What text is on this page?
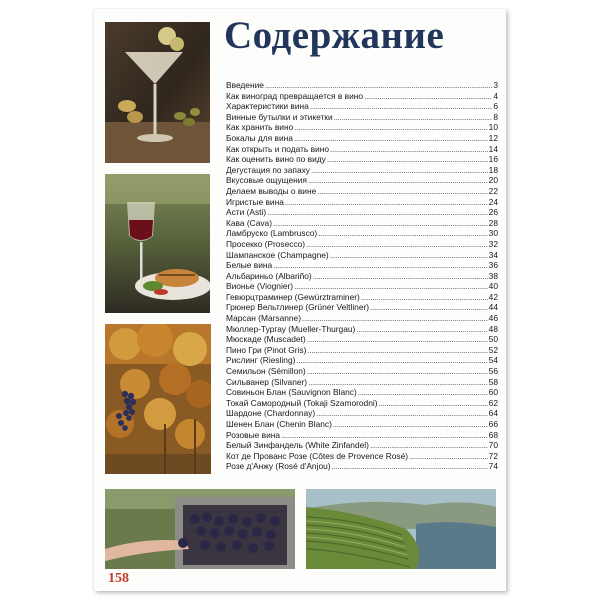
Содержание
Введение .....	3
Как виноград превращается в вино .....	4
Характеристики вина .....	6
Винные бутылки и этикетки .....	8
Как хранить вино .....	10
Бокалы для вина .....	12
Как открыть и подать вино .....	14
Как оценить вино по виду .....	16
Дегустация по запаху .....	18
Вкусовые ощущения .....	20
Делаем выводы о вине .....	22
Игристые вина .....	24
Асти (Asti) .....	26
Кава (Cava) .....	28
Ламбруско (Lambrusco) .....	30
Просекко (Prosecco) .....	32
Шампанское (Champagne) .....	34
Белые вина .....	36
Альбариньо (Albariño) .....	38
Вионье (Viognier) .....	40
Гевюрцтраминер (Gewürztraminer) .....	42
Грюнер Вельтлинер (Grüner Veltliner) .....	44
Марсан (Marsanne) .....	46
Мюллер-Тургау (Mueller-Thurgau) .....	48
Мюскаде (Muscadet) .....	50
Пино Гри (Pinot Gris) .....	52
Рислинг (Riesling) .....	54
Семильон (Sémillon) .....	56
Сильванер (Silvaner) .....	58
Совиньон Блан (Sauvignon Blanc) .....	60
Токай Самородный (Tokaji Szamorodni) .....	62
Шардоне (Chardonnay) .....	64
Шенен Блан (Chenin Blanc) .....	66
Розовые вина .....	68
Белый Зинфандель (White Zinfandel) .....	70
Кот де Прованс Розе (Côtes de Provence Rosé) .....	72
Розе д'Анжу (Rosé d'Anjou) .....	74
158
